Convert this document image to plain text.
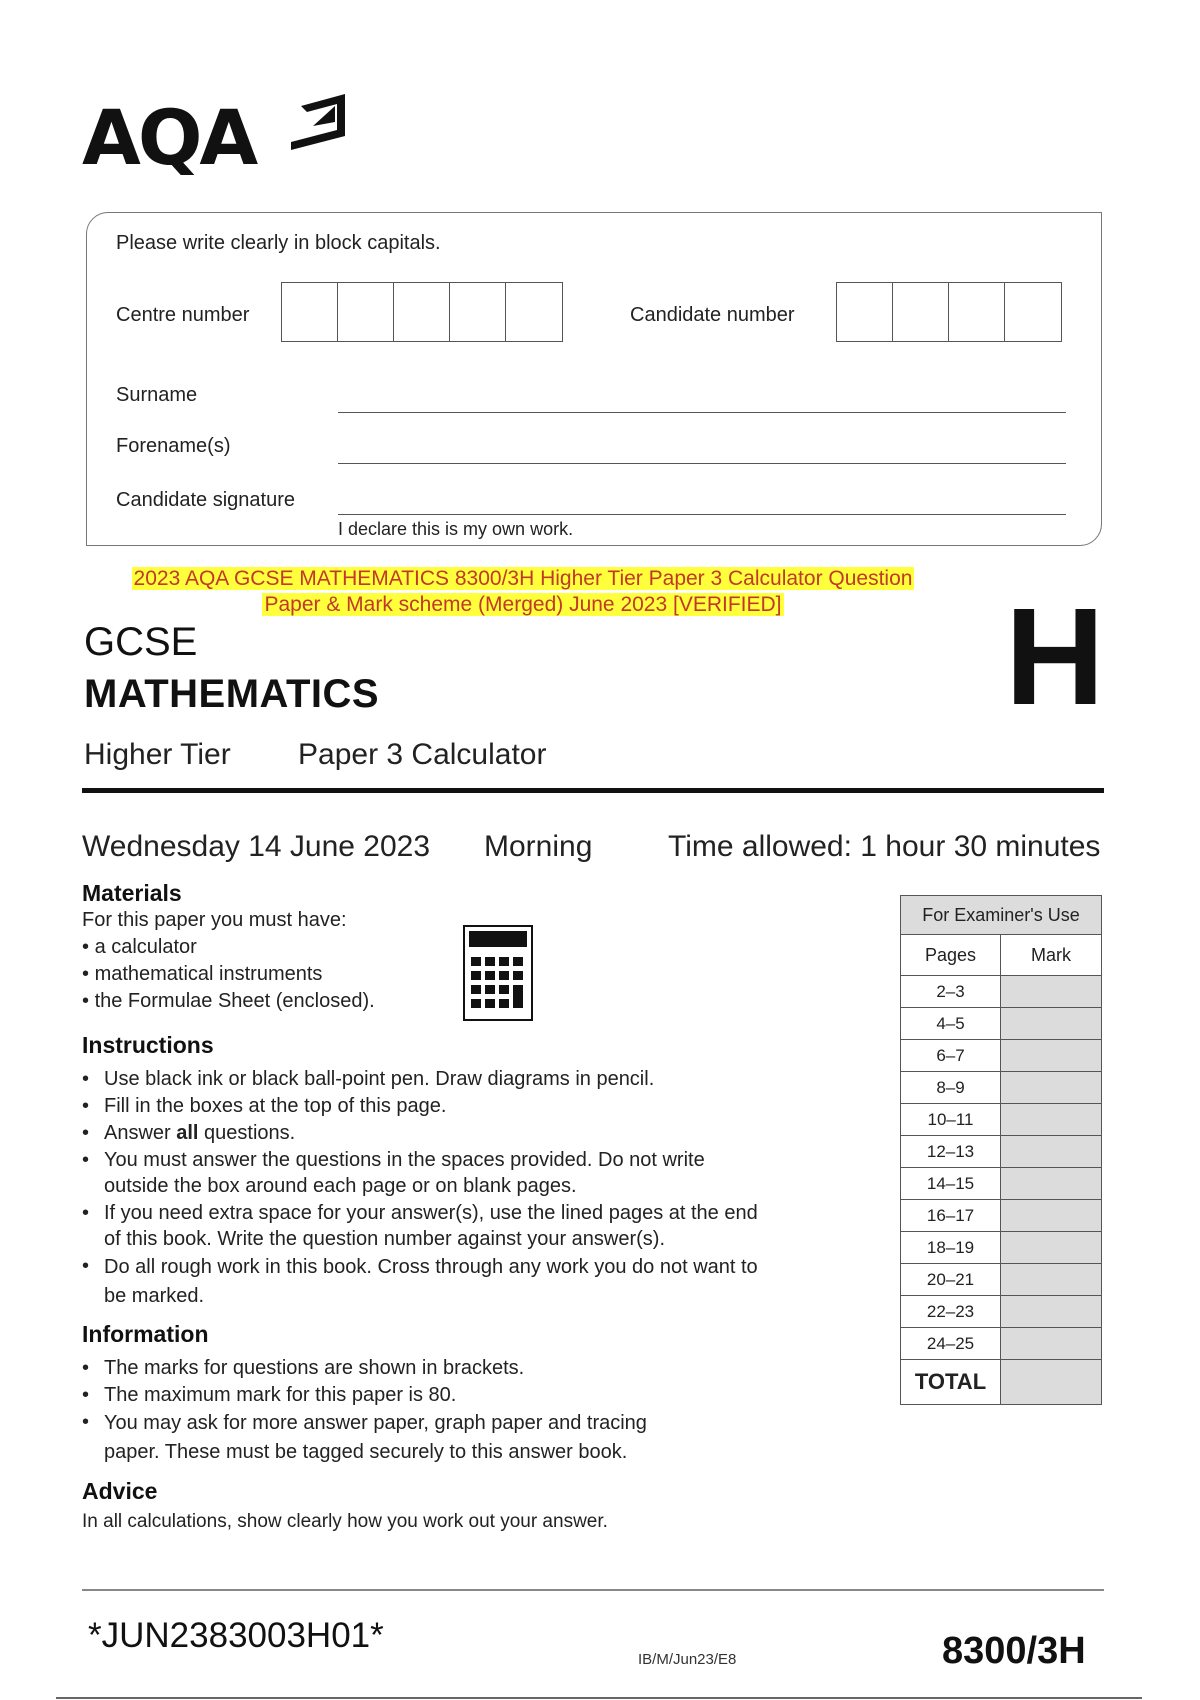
AQA
Please write clearly in block capitals.
Centre number	Candidate number
Surname
Forename(s)
Candidate signature
I declare this is my own work.
2023 AQA GCSE MATHEMATICS 8300/3H Higher Tier Paper 3 Calculator Question
Paper & Mark scheme (Merged) June 2023 [VERIFIED]
GCSE
MATHEMATICS	H
Higher Tier Paper 3 Calculator
Wednesday 14 June 2023 Morning	Time allowed: 1 hour 30 minutes
Materials
For this paper you must have:
• a calculator
• mathematical instruments
• the Formulae Sheet (enclosed).
Instructions
• Use black ink or black ball-point pen. Draw diagrams in pencil.
• Fill in the boxes at the top of this page.
• Answer all questions.
• You must answer the questions in the spaces provided. Do not write
outside the box around each page or on blank pages.
• If you need extra space for your answer(s), use the lined pages at the end
of this book. Write the question number against your answer(s).
• Do all rough work in this book. Cross through any work you do not want to
be marked.
Information
• The marks for questions are shown in brackets.
• The maximum mark for this paper is 80.
• You may ask for more answer paper, graph paper and tracing
paper. These must be tagged securely to this answer book.
Advice
In all calculations, show clearly how you work out your answer.
For Examiner's Use	
Pages	Mark
2–3	
4–5	
6–7	
8–9	
10–11	
12–13	
14–15	
16–17	
18–19	
20–21	
22–23	
24–25	
TOTAL	
*JUN2383003H01*
IB/M/Jun23/E8	8300/3H
